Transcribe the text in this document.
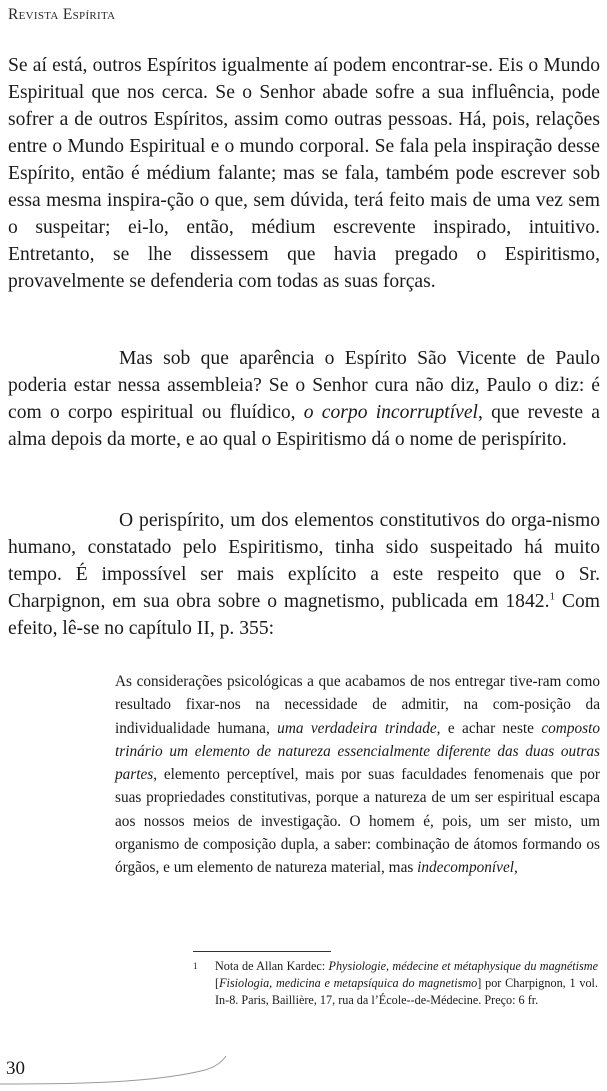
Revista Espírita

Se aí está, outros Espíritos igualmente aí podem encontrar-se. Eis o Mundo Espiritual que nos cerca. Se o Senhor abade sofre a sua influência, pode sofrer a de outros Espíritos, assim como outras pessoas. Há, pois, relações entre o Mundo Espiritual e o mundo corporal. Se fala pela inspiração desse Espírito, então é médium falante; mas se fala, também pode escrever sob essa mesma inspira-ção o que, sem dúvida, terá feito mais de uma vez sem o suspeitar; ei-lo, então, médium escrevente inspirado, intuitivo. Entretanto, se lhe dissessem que havia pregado o Espiritismo, provavelmente se defenderia com todas as suas forças.

Mas sob que aparência o Espírito São Vicente de Paulo poderia estar nessa assembleia? Se o Senhor cura não diz, Paulo o diz: é com o corpo espiritual ou fluídico, o corpo incorruptível, que reveste a alma depois da morte, e ao qual o Espiritismo dá o nome de perispírito.

O perispírito, um dos elementos constitutivos do orga-nismo humano, constatado pelo Espiritismo, tinha sido suspeitado há muito tempo. É impossível ser mais explícito a este respeito que o Sr. Charpignon, em sua obra sobre o magnetismo, publicada em 1842.$^1$ Com efeito, lê-se no capítulo II, p. 355:

As considerações psicológicas a que acabamos de nos entregar tive-ram como resultado fixar-nos na necessidade de admitir, na com-posição da individualidade humana, uma verdadeira trindade, e achar neste composto trinário um elemento de natureza essencialmente diferente das duas outras partes, elemento perceptível, mais por suas faculdades fenomenais que por suas propriedades constitutivas, porque a natureza de um ser espiritual escapa aos nossos meios de investigação. O homem é, pois, um ser misto, um organismo de composição dupla, a saber: combinação de átomos formando os órgãos, e um elemento de natureza material, mas indecomponível,
1 Nota de Allan Kardec: Physiologie, médecine et métaphysique du magnétisme [Fisiologia, medicina e metapsíquica do magnetismo] por Charpignon, 1 vol. In-8. Paris, Baillière, 17, rua da l’École--de-Médecine. Preço: 6 fr.
30
